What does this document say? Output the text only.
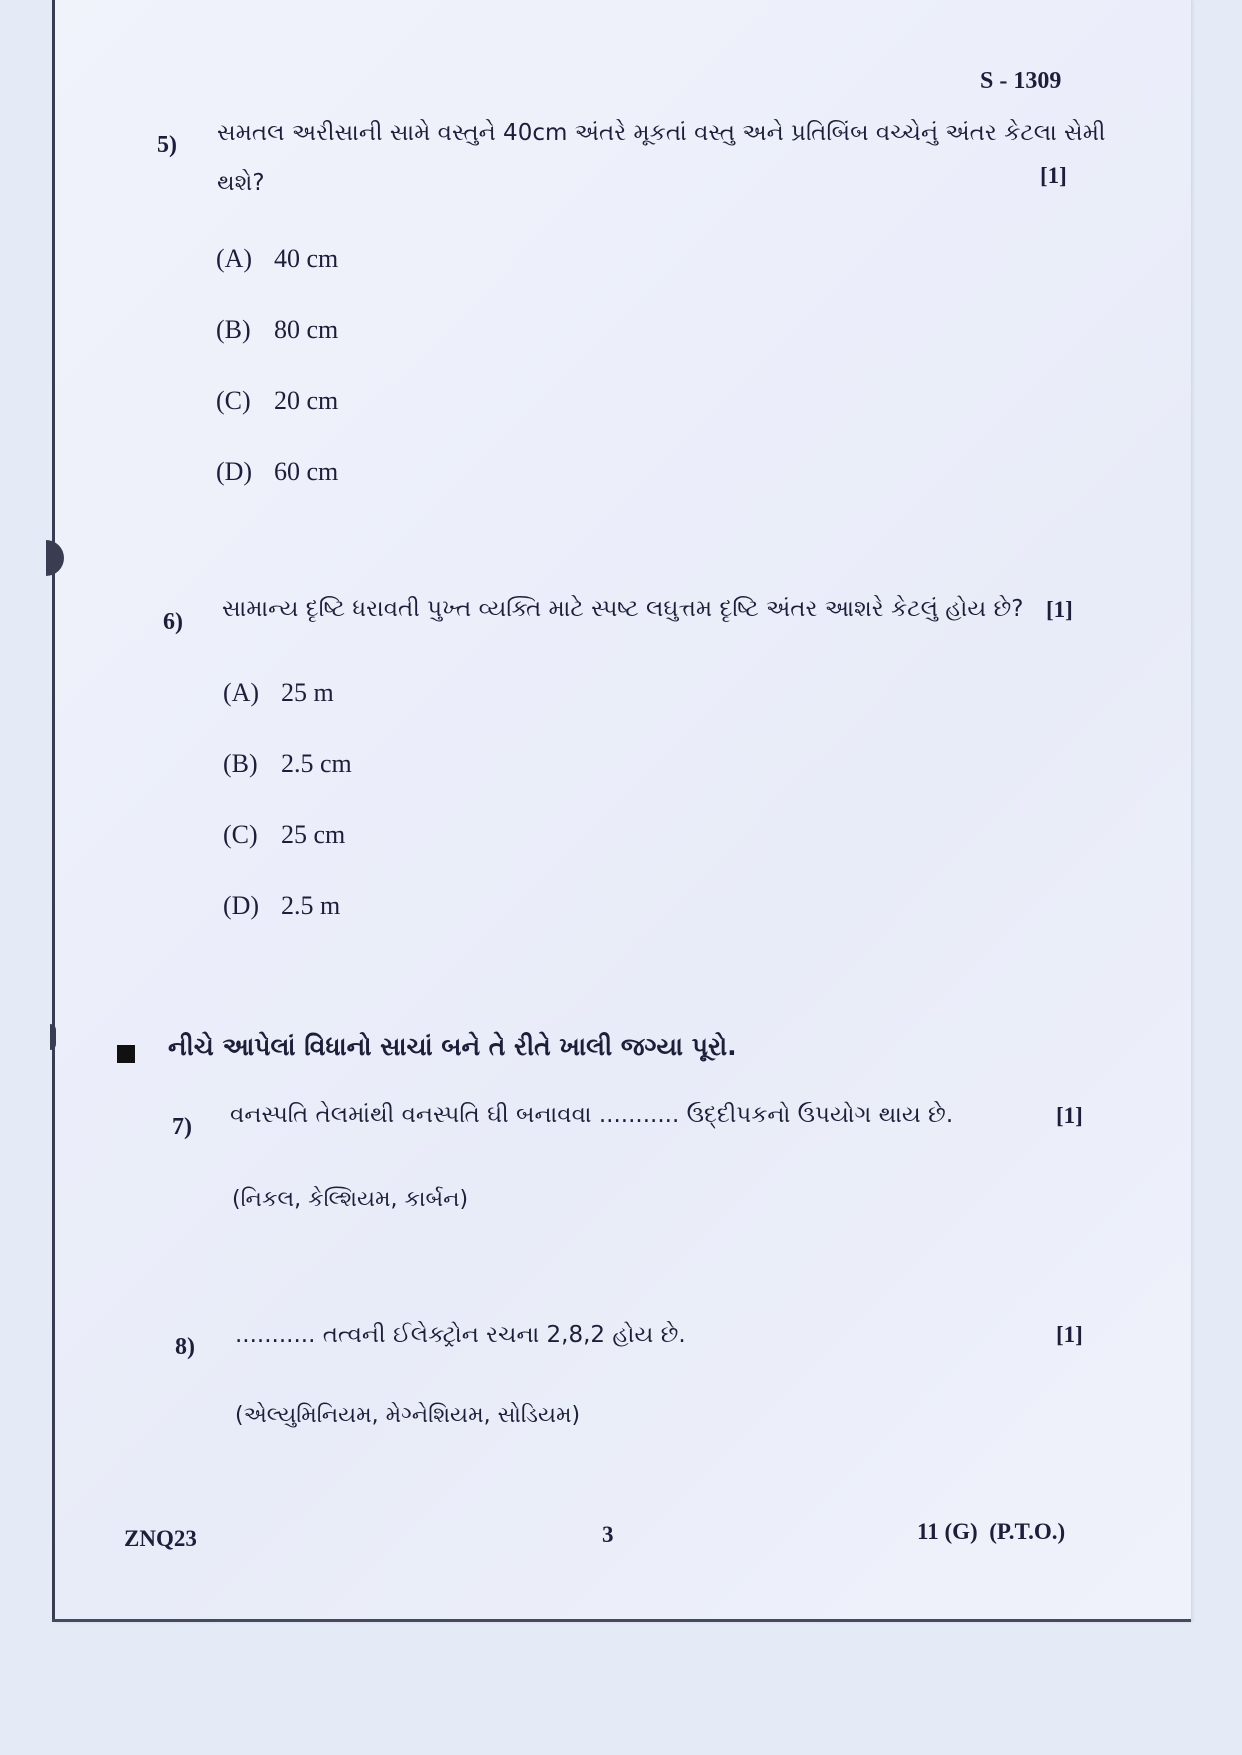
S - 1309
5) સમતલ અરીસાની સામે વસ્તુને 40cm અંતરે મૂકતાં વસ્તુ અને પ્રતિબિંબ વચ્ચેનું અંતર કેટલા સેમી
થશે?	[1]
(A) 40 cm
(B) 80 cm
(C) 20 cm
(D) 60 cm
6) સામાન્ય દૃષ્ટિ ધરાવતી પુખ્ત વ્યક્તિ માટે સ્પષ્ટ લઘુત્તમ દૃષ્ટિ અંતર આશરે કેટલું હોય છે? [1]
(A) 25 m
(B) 2.5 cm
(C) 25 cm
(D) 2.5 m
નીચે આપેલાં વિધાનો સાચાં બને તે રીતે ખાલી જગ્યા પૂરો.
7) વનસ્પતિ તેલમાંથી વનસ્પતિ ઘી બનાવવા ........... ઉદ્દીપકનો ઉપયોગ થાય છે.	[1]
(નિકલ, કેલ્શિયમ, કાર્બન)
8) ........... તત્વની ઈલેક્ટ્રોન રચના 2,8,2 હોય છે.	[1]
(એલ્યુમિનિયમ, મેગ્નેશિયમ, સોડિયમ)
ZNQ23	3	11 (G)  (P.T.O.)
